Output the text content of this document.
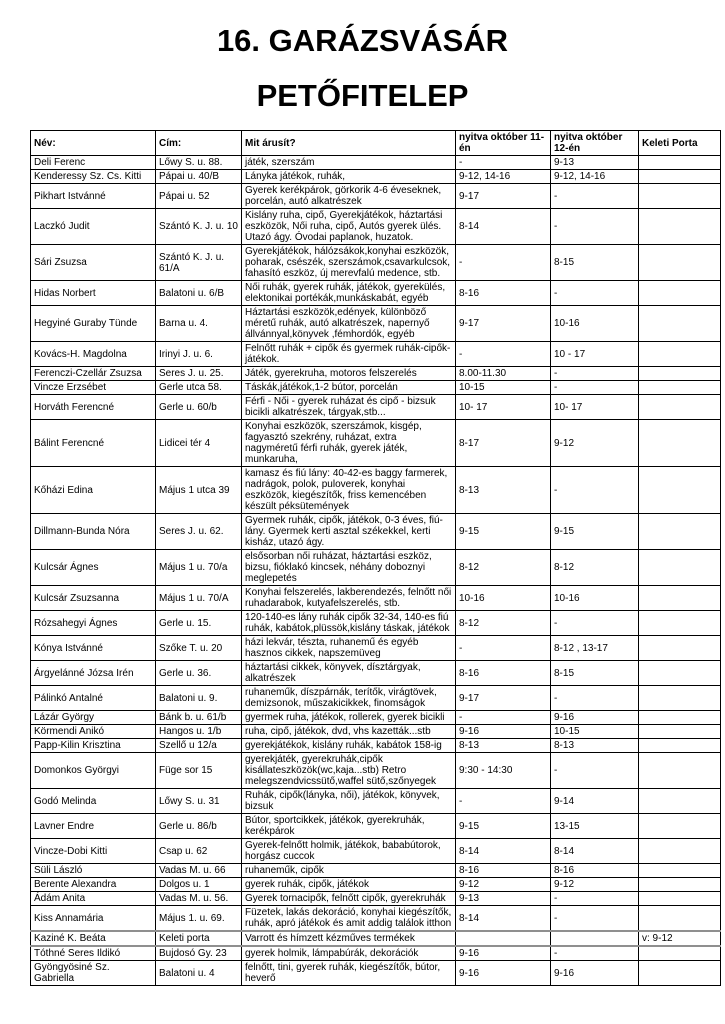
16. GARÁZSVÁSÁR
PETŐFITELEP
Név:	Cím:	Mit árusít?	nyitva október 11-én	nyitva október 12-én	Keleti Porta
Deli Ferenc	Lőwy S. u. 88.	játék, szerszám	-	9-13	
Kenderessy Sz. Cs. Kitti	Pápai u. 40/B	Lányka játékok, ruhák,	9-12, 14-16	9-12, 14-16	
Pikhart Istvánné	Pápai u. 52	Gyerek kerékpárok, görkorik 4-6 éveseknek, porcelán, autó alkatrészek	9-17	-	
Laczkó Judit	Szántó K. J. u. 10	Kislány ruha, cipő, Gyerekjátékok, háztartási eszközök, Női ruha, cipő, Autós gyerek ülés. Utazó ágy. Óvodai paplanok, huzatok.	8-14	-	
Sári Zsuzsa	Szántó K. J. u. 61/A	Gyerekjátékok, hálózsákok,konyhai eszközök, poharak, csészék, szerszámok,csavarkulcsok, fahasító eszköz, új merevfalú medence, stb.	-	8-15	
Hidas Norbert	Balatoni u. 6/B	Női ruhák, gyerek ruhák, játékok, gyerekülés, elektonikai portékák,munkáskabát, egyéb	8-16	-	
Hegyiné Guraby Tünde	Barna u. 4.	Háztartási eszközök,edények, különböző méretű ruhák, autó alkatrészek, napernyő állvánnyal,könyvek ,fémhordók, egyéb	9-17	10-16	
Kovács-H. Magdolna	Irinyi J. u. 6.	Felnőtt ruhák + cipők és gyermek ruhák-cipők-játékok.	-	10 - 17	
Ferenczi-Czellár Zsuzsa	Seres J. u. 25.	Játék, gyerekruha, motoros felszerelés	8.00-11.30	-	
Vincze Erzsébet	Gerle utca 58.	Táskák,játékok,1-2 bútor, porcelán	10-15	-	
Horváth Ferencné	Gerle u. 60/b	Férfi - Női - gyerek ruházat és cipő - bizsuk bicikli alkatrészek, tárgyak,stb...	10- 17	10- 17	
Bálint Ferencné	Lidicei tér 4	Konyhai eszközök, szerszámok, kisgép, fagyasztó szekrény, ruházat, extra nagyméretű férfi ruhák, gyerek játék, munkaruha,	8-17	9-12	
Kőházi Edina	Május 1 utca 39	kamasz és fiú lány: 40-42-es baggy farmerek, nadrágok, polok, puloverek, konyhai eszközök, kiegészítők, friss kemencében készült péksütemények	8-13	-	
Dillmann-Bunda Nóra	Seres J. u. 62.	Gyermek ruhák, cipők, játékok, 0-3 éves, fiú-lány. Gyermek kerti asztal székekkel, kerti kisház, utazó ágy.	9-15	9-15	
Kulcsár Ágnes	Május 1 u. 70/a	elsősorban női ruházat, háztartási eszköz, bizsu, fióklakó kincsek, néhány doboznyi meglepetés	8-12	8-12	
Kulcsár Zsuzsanna	Május 1 u. 70/A	Konyhai felszerelés, lakberendezés, felnőtt női ruhadarabok, kutyafelszerelés, stb.	10-16	10-16	
Rózsahegyi Ágnes	Gerle u. 15.	120-140-es lány ruhák cipők 32-34, 140-es fiú ruhák, kabátok,plüssök,kislány táskak, játékok	8-12	-	
Kónya Istvánné	Szőke T. u. 20	házi lekvár, tészta, ruhanemű és egyéb hasznos cikkek, napszemüveg	-	8-12 , 13-17	
Árgyelánné Józsa Irén	Gerle u. 36.	háztartási cikkek, könyvek, dísztárgyak, alkatrészek	8-16	8-15	
Pálinkó Antalné	Balatoni u. 9.	ruhaneműk, díszpárnák, terítők, virágtövek, demizsonok, műszakicikkek, finomságok	9-17	-	
Lázár György	Bánk b. u. 61/b	gyermek ruha, játékok, rollerek, gyerek bicikli	-	9-16	
Körmendi Anikó	Hangos u. 1/b	ruha, cipő, játékok, dvd, vhs kazetták...stb	9-16	10-15	
Papp-Kilin Krisztina	Szellő u 12/a	gyerekjátékok, kislány ruhák, kabátok 158-ig	8-13	8-13	
Domonkos Györgyi	Füge sor 15	gyerekjáték, gyerekruhák,cipők kisállateszközök(wc,kaja...stb) Retro melegszendvicssütő,waffel sütő,szőnyegek	9:30 - 14:30	-	
Godó Melinda	Lőwy S. u. 31	Ruhák, cipők(lányka, női), játékok, könyvek, bizsuk	-	9-14	
Lavner Endre	Gerle u. 86/b	Bútor, sportcikkek, játékok, gyerekruhák, kerékpárok	9-15	13-15	
Vincze-Dobi Kitti	Csap u. 62	Gyerek-felnőtt holmik, játékok, bababútorok, horgász cuccok	8-14	8-14	
Süli László	Vadas M. u. 66	ruhaneműk, cipők	8-16	8-16	
Berente Alexandra	Dolgos u. 1	gyerek ruhák, cipők, játékok	9-12	9-12	
Ádám Anita	Vadas M. u. 56.	Gyerek tornacipők, felnőtt cipők, gyerekruhák	9-13	-	
Kiss Annamária	Május 1. u. 69.	Füzetek, lakás dekoráció, konyhai kiegészítők, ruhák, apró játékok és amit addig találok itthon	8-14	-	
Kaziné K. Beáta	Keleti porta	Varrott és hímzett kézműves termékek			v: 9-12
Tóthné Seres Ildikó	Bujdosó Gy. 23	gyerek holmik, lámpabúrák, dekorációk	9-16	-	
Gyöngyösiné Sz. Gabriella	Balatoni u. 4	felnőtt, tini, gyerek ruhák, kiegészítők, bútor, heverő	9-16	9-16	
